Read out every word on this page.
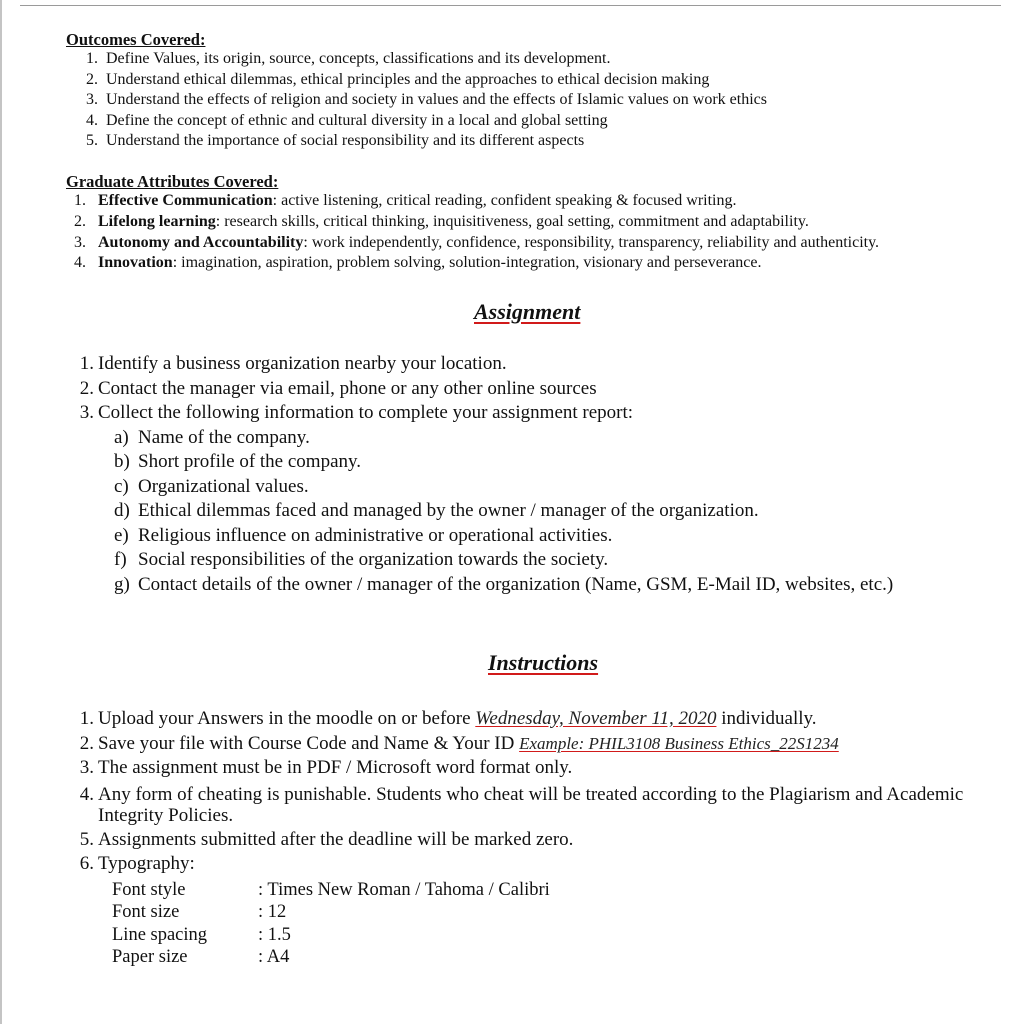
Outcomes Covered:
1. Define Values, its origin, source, concepts, classifications and its development.
2. Understand ethical dilemmas, ethical principles and the approaches to ethical decision making
3. Understand the effects of religion and society in values and the effects of Islamic values on work ethics
4. Define the concept of ethnic and cultural diversity in a local and global setting
5. Understand the importance of social responsibility and its different aspects
Graduate Attributes Covered:
1. Effective Communication: active listening, critical reading, confident speaking & focused writing.
2. Lifelong learning: research skills, critical thinking, inquisitiveness, goal setting, commitment and adaptability.
3. Autonomy and Accountability: work independently, confidence, responsibility, transparency, reliability and authenticity.
4. Innovation: imagination, aspiration, problem solving, solution-integration, visionary and perseverance.
Assignment
1. Identify a business organization nearby your location.
2. Contact the manager via email, phone or any other online sources
3. Collect the following information to complete your assignment report:
a) Name of the company.
b) Short profile of the company.
c) Organizational values.
d) Ethical dilemmas faced and managed by the owner / manager of the organization.
e) Religious influence on administrative or operational activities.
f) Social responsibilities of the organization towards the society.
g) Contact details of the owner / manager of the organization (Name, GSM, E-Mail ID, websites, etc.)
Instructions
1. Upload your Answers in the moodle on or before Wednesday, November 11, 2020 individually.
2. Save your file with Course Code and Name & Your ID Example: PHIL3108 Business Ethics_22S1234
3. The assignment must be in PDF / Microsoft word format only.
4. Any form of cheating is punishable. Students who cheat will be treated according to the Plagiarism and Academic Integrity Policies.
5. Assignments submitted after the deadline will be marked zero.
6. Typography:
Font style	: Times New Roman / Tahoma / Calibri
Font size	: 12
Line spacing	: 1.5
Paper size	: A4
